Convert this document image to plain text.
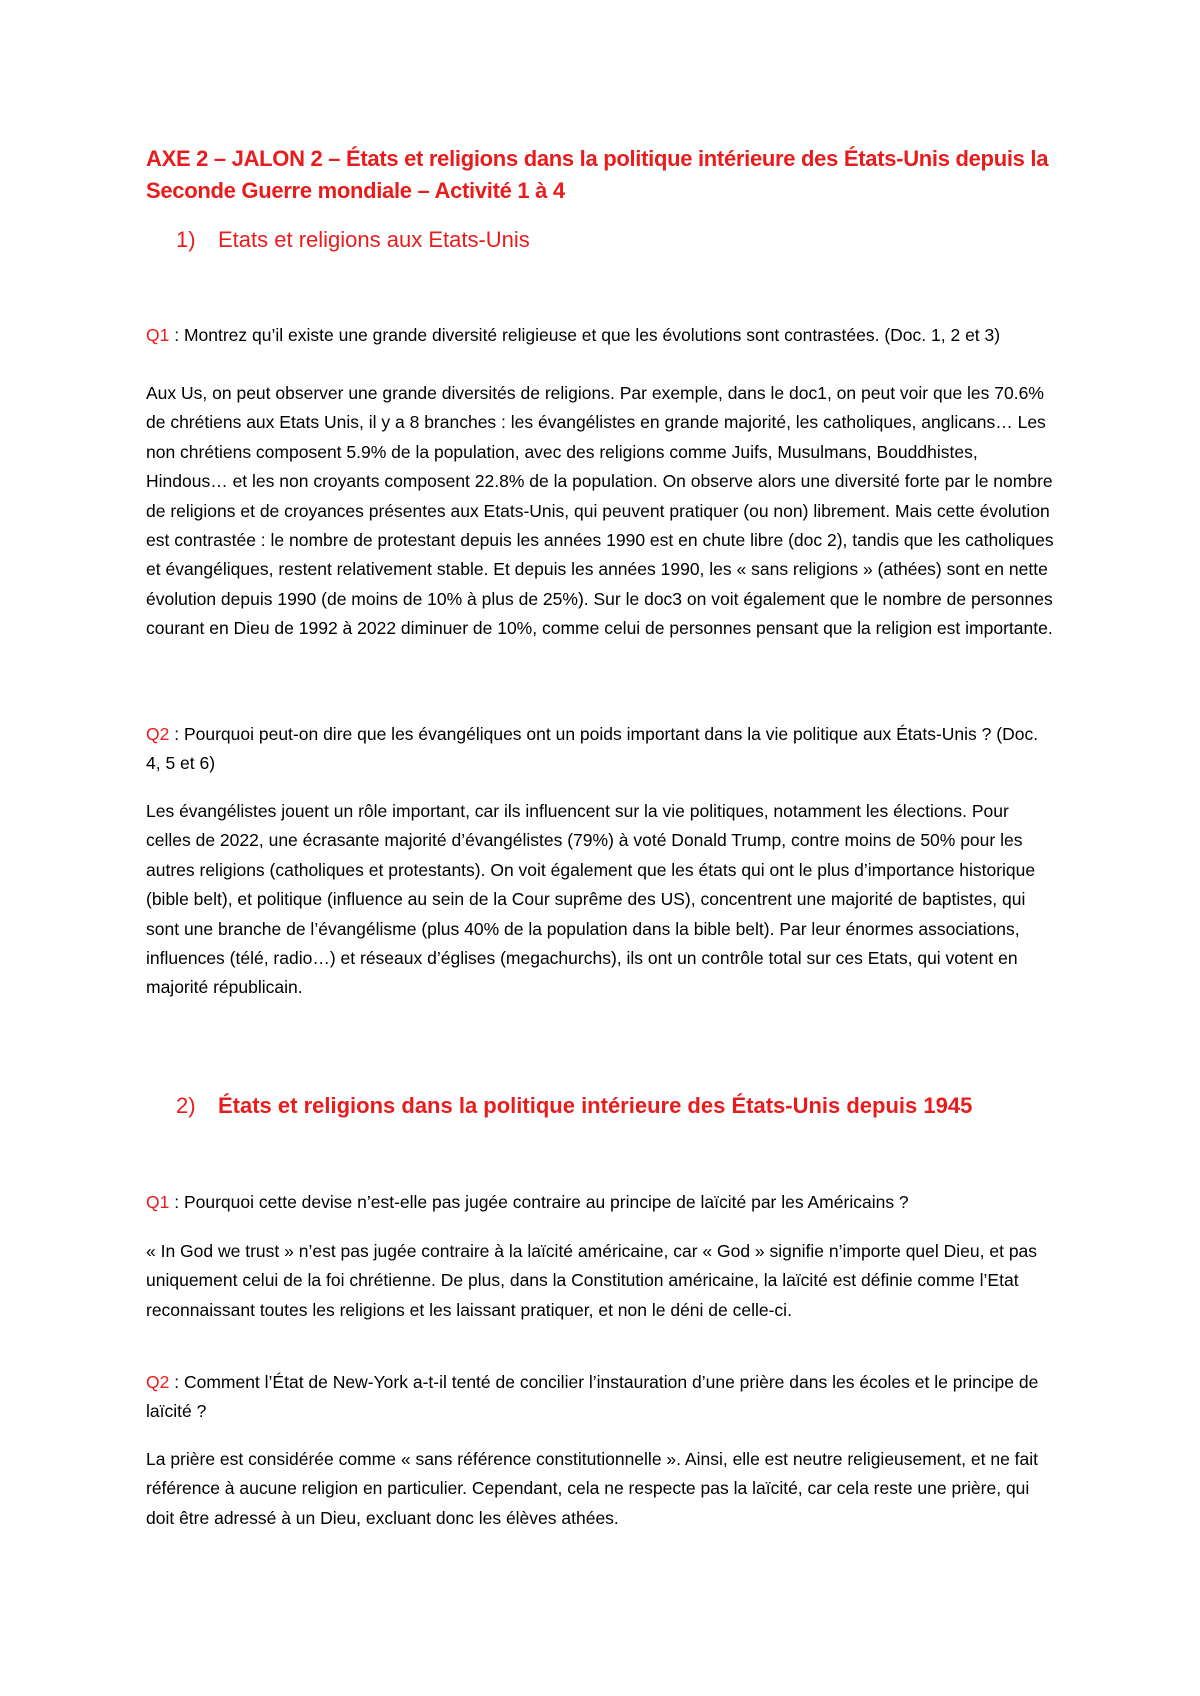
AXE 2 – JALON 2 – États et religions dans la politique intérieure des États-Unis depuis la Seconde Guerre mondiale – Activité 1 à 4
1) Etats et religions aux Etats-Unis

Q1 : Montrez qu’il existe une grande diversité religieuse et que les évolutions sont contrastées. (Doc. 1, 2 et 3)

Aux Us, on peut observer une grande diversités de religions. Par exemple, dans le doc1, on peut voir que les 70.6% de chrétiens aux Etats Unis, il y a 8 branches : les évangélistes en grande majorité, les catholiques, anglicans… Les non chrétiens composent 5.9% de la population, avec des religions comme Juifs, Musulmans, Bouddhistes, Hindous… et les non croyants composent 22.8% de la population. On observe alors une diversité forte par le nombre de religions et de croyances présentes aux Etats-Unis, qui peuvent pratiquer (ou non) librement. Mais cette évolution est contrastée : le nombre de protestant depuis les années 1990 est en chute libre (doc 2), tandis que les catholiques et évangéliques, restent relativement stable. Et depuis les années 1990, les « sans religions » (athées) sont en nette évolution depuis 1990 (de moins de 10% à plus de 25%). Sur le doc3 on voit également que le nombre de personnes courant en Dieu de 1992 à 2022 diminuer de 10%, comme celui de personnes pensant que la religion est importante.

Q2 : Pourquoi peut-on dire que les évangéliques ont un poids important dans la vie politique aux États-Unis ? (Doc. 4, 5 et 6)

Les évangélistes jouent un rôle important, car ils influencent sur la vie politiques, notamment les élections. Pour celles de 2022, une écrasante majorité d’évangélistes (79%) à voté Donald Trump, contre moins de 50% pour les autres religions (catholiques et protestants). On voit également que les états qui ont le plus d’importance historique (bible belt), et politique (influence au sein de la Cour suprême des US), concentrent une majorité de baptistes, qui sont une branche de l’évangélisme (plus 40% de la population dans la bible belt). Par leur énormes associations, influences (télé, radio…) et réseaux d’églises (megachurchs), ils ont un contrôle total sur ces Etats, qui votent en majorité républicain.

2) États et religions dans la politique intérieure des États-Unis depuis 1945

Q1 : Pourquoi cette devise n’est-elle pas jugée contraire au principe de laïcité par les Américains ?

« In God we trust » n’est pas jugée contraire à la laïcité américaine, car « God » signifie n’importe quel Dieu, et pas uniquement celui de la foi chrétienne. De plus, dans la Constitution américaine, la laïcité est définie comme l’Etat reconnaissant toutes les religions et les laissant pratiquer, et non le déni de celle-ci.

Q2 : Comment l’État de New-York a-t-il tenté de concilier l’instauration d’une prière dans les écoles et le principe de laïcité ?

La prière est considérée comme « sans référence constitutionnelle ». Ainsi, elle est neutre religieusement, et ne fait référence à aucune religion en particulier. Cependant, cela ne respecte pas la laïcité, car cela reste une prière, qui doit être adressé à un Dieu, excluant donc les élèves athées.
